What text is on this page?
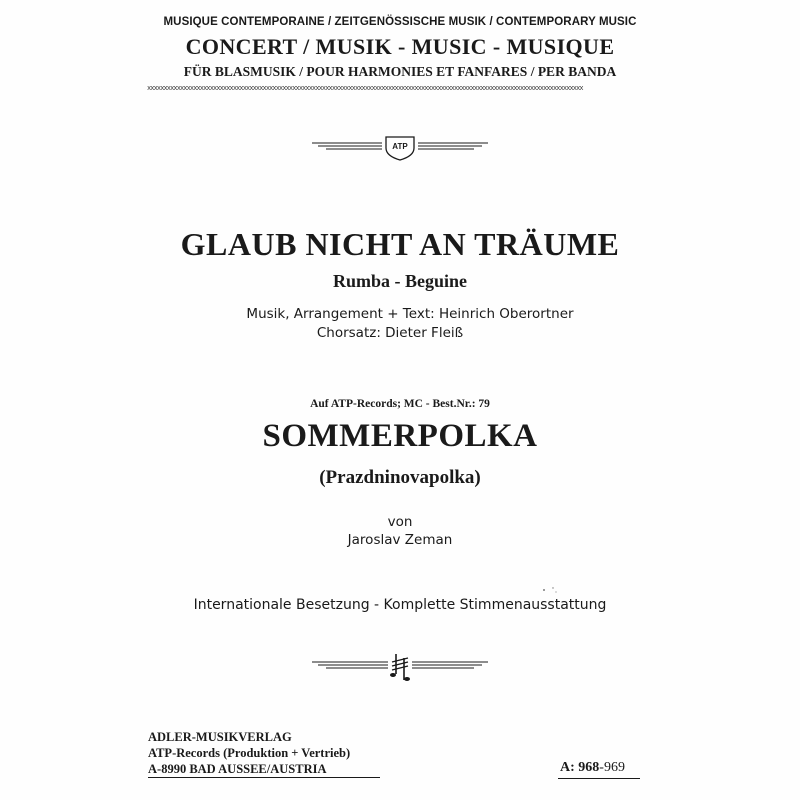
MUSIQUE CONTEMPORAINE / ZEITGENÖSSISCHE MUSIK / CONTEMPORARY MUSIC
CONCERT / MUSIK - MUSIC - MUSIQUE
FÜR BLASMUSIK / POUR HARMONIES ET FANFARES / PER BANDA
xxxxxxxxxxxxxxxxxxxxxxxxxxxxxxxxxxxxxxxxxxxxxxxxxxxxxxxxxxxxxxxxxxxxxxxxxxxxxxxxxxxxxxxxxxxxxxxxxxxxxxxxxxxxxxxxxxxxxxxxxxxxxxxxxxxx
ATP
GLAUB NICHT AN TRÄUME
Rumba - Beguine
Musik, Arrangement + Text: Heinrich Oberortner
Chorsatz: Dieter Fleiß
Auf ATP-Records; MC - Best.Nr.: 79
SOMMERPOLKA
(Prazdninovapolka)
von
Jaroslav Zeman
Internationale Besetzung - Komplette Stimmenausstattung
ADLER-MUSIKVERLAG
ATP-Records (Produktion + Vertrieb)
A-8990 BAD AUSSEE/AUSTRIA	A: 968-969
